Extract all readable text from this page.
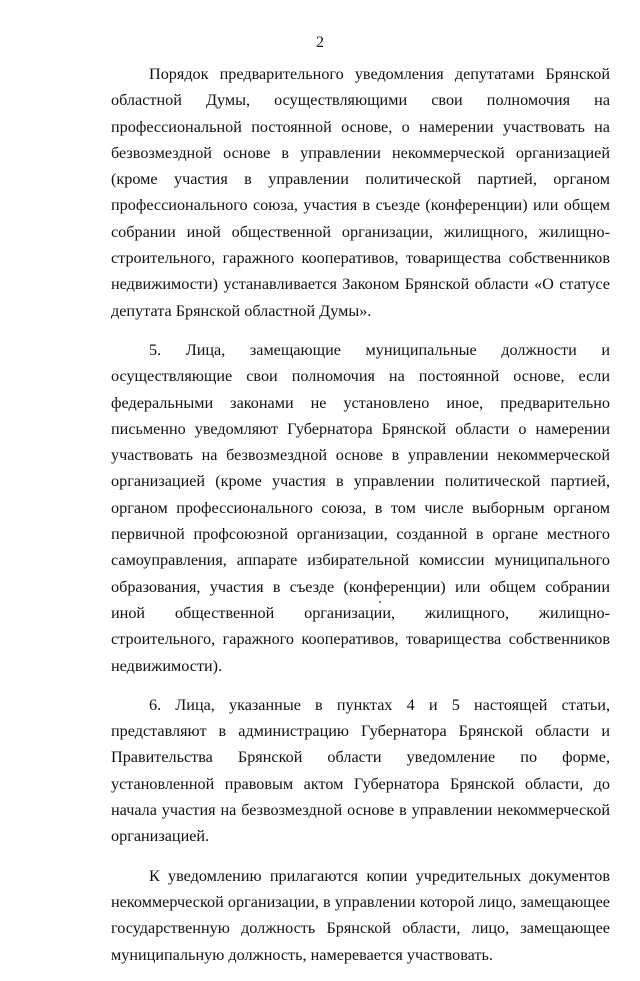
2

Порядок предварительного уведомления депутатами Брянской областной Думы, осуществляющими свои полномочия на профессиональной постоянной основе, о намерении участвовать на безвозмездной основе в управлении некоммерческой организацией (кроме участия в управлении политической партией, органом профессионального союза, участия в съезде (конференции) или общем собрании иной общественной организации, жилищного, жилищно-строительного, гаражного кооперативов, товарищества собственников недвижимости) устанавливается Законом Брянской области «О статусе депутата Брянской областной Думы».

5. Лица, замещающие муниципальные должности и осуществляющие свои полномочия на постоянной основе, если федеральными законами не установлено иное, предварительно письменно уведомляют Губернатора Брянской области о намерении участвовать на безвозмездной основе в управлении некоммерческой организацией (кроме участия в управлении политической партией, органом профессионального союза, в том числе выборным органом первичной профсоюзной организации, созданной в органе местного самоуправления, аппарате избирательной комиссии муниципального образования, участия в съезде (конференции) или общем собрании иной общественной организации, жилищного, жилищно-строительного, гаражного кооперативов, товарищества собственников недвижимости).

6. Лица, указанные в пунктах 4 и 5 настоящей статьи, представляют в администрацию Губернатора Брянской области и Правительства Брянской области уведомление по форме, установленной правовым актом Губернатора Брянской области, до начала участия на безвозмездной основе в управлении некоммерческой организацией.

К уведомлению прилагаются копии учредительных документов некоммерческой организации, в управлении которой лицо, замещающее государственную должность Брянской области, лицо, замещающее муниципальную должность, намеревается участвовать.
